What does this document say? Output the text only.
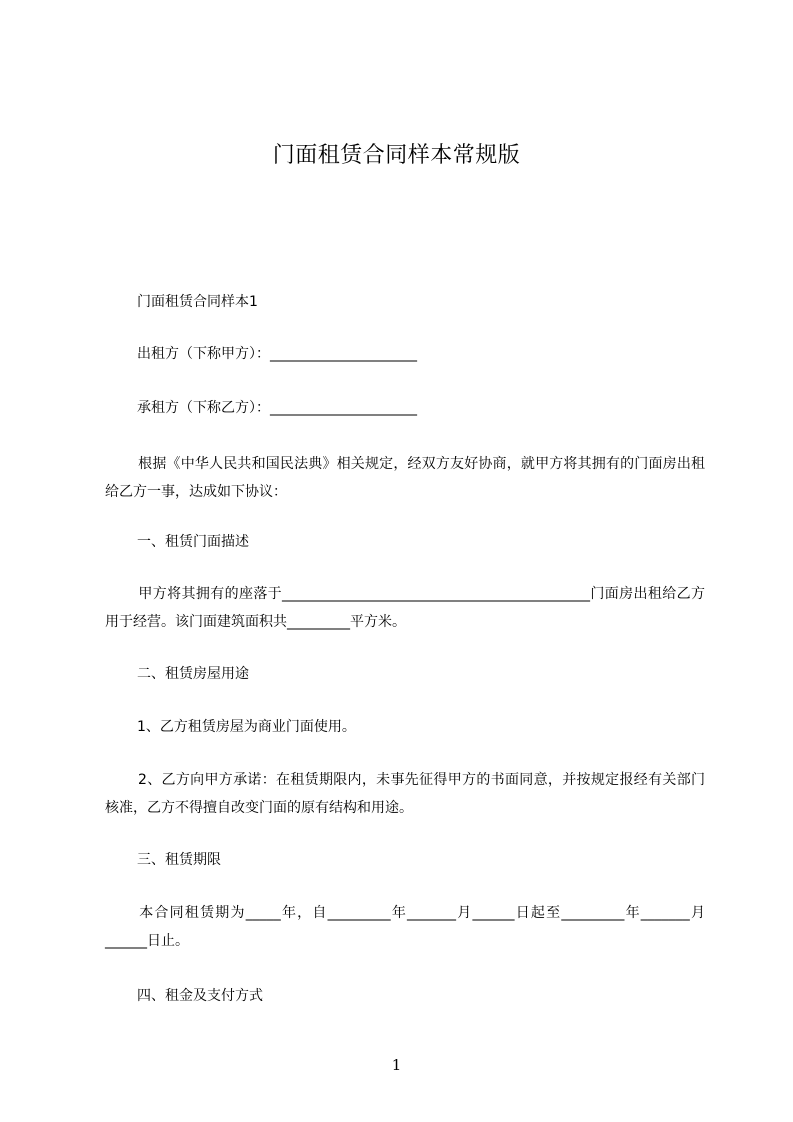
门面租赁合同样本常规版
门面租赁合同样本1
出租方（下称甲方）：_____________________
承租方（下称乙方）：_____________________
根据《中华人民共和国民法典》相关规定，经双方友好协商，就甲方将其拥有的门面房出租给乙方一事，达成如下协议：
一、租赁门面描述
甲方将其拥有的座落于____________________________________________门面房出租给乙方用于经营。该门面建筑面积共_________平方米。
二、租赁房屋用途
1、乙方租赁房屋为商业门面使用。
2、乙方向甲方承诺：在租赁期限内，未事先征得甲方的书面同意，并按规定报经有关部门核准，乙方不得擅自改变门面的原有结构和用途。
三、租赁期限
本合同租赁期为_____年，自_________年_______月______日起至_________年_______月______日止。
四、租金及支付方式
1
